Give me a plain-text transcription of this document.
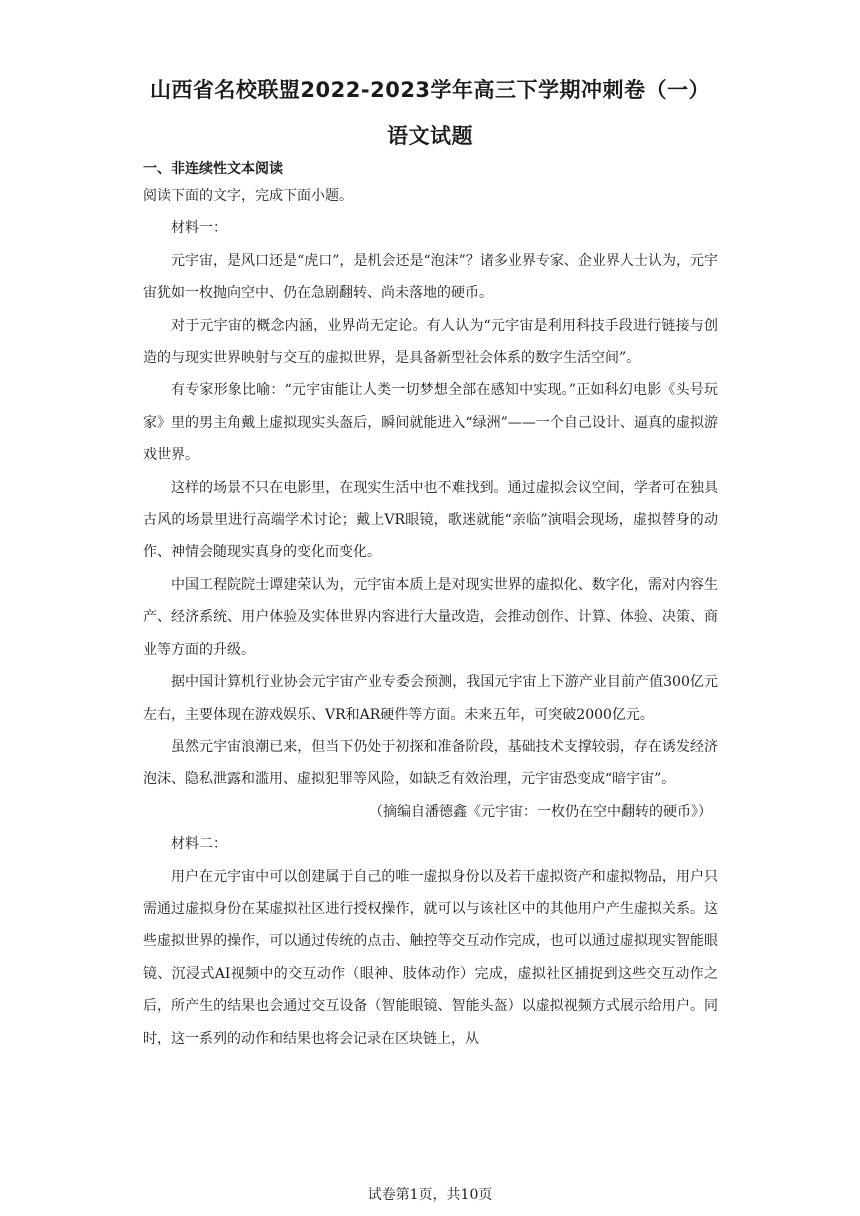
山西省名校联盟2022-2023学年高三下学期冲刺卷（一）
语文试题
一、非连续性文本阅读

阅读下面的文字，完成下面小题。

材料一：

元宇宙，是风口还是“虎口”，是机会还是“泡沫”？诸多业界专家、企业界人士认为，元宇宙犹如一枚抛向空中、仍在急剧翻转、尚未落地的硬币。

对于元宇宙的概念内涵，业界尚无定论。有人认为“元宇宙是利用科技手段进行链接与创造的与现实世界映射与交互的虚拟世界，是具备新型社会体系的数字生活空间”。

有专家形象比喻：“元宇宙能让人类一切梦想全部在感知中实现。”正如科幻电影《头号玩家》里的男主角戴上虚拟现实头盔后，瞬间就能进入“绿洲”——一个自己设计、逼真的虚拟游戏世界。

这样的场景不只在电影里，在现实生活中也不难找到。通过虚拟会议空间，学者可在独具古风的场景里进行高端学术讨论；戴上VR眼镜，歌迷就能“亲临”演唱会现场，虚拟替身的动作、神情会随现实真身的变化而变化。

中国工程院院士谭建荣认为，元宇宙本质上是对现实世界的虚拟化、数字化，需对内容生产、经济系统、用户体验及实体世界内容进行大量改造，会推动创作、计算、体验、决策、商业等方面的升级。

据中国计算机行业协会元宇宙产业专委会预测，我国元宇宙上下游产业目前产值300亿元左右，主要体现在游戏娱乐、VR和AR硬件等方面。未来五年，可突破2000亿元。

虽然元宇宙浪潮已来，但当下仍处于初探和准备阶段，基础技术支撑较弱，存在诱发经济泡沫、隐私泄露和滥用、虚拟犯罪等风险，如缺乏有效治理，元宇宙恐变成“暗宇宙”。

（摘编自潘德鑫《元宇宙：一枚仍在空中翻转的硬币》）

材料二：

用户在元宇宙中可以创建属于自己的唯一虚拟身份以及若干虚拟资产和虚拟物品，用户只需通过虚拟身份在某虚拟社区进行授权操作，就可以与该社区中的其他用户产生虚拟关系。这些虚拟世界的操作，可以通过传统的点击、触控等交互动作完成，也可以通过虚拟现实智能眼镜、沉浸式AI视频中的交互动作（眼神、肢体动作）完成，虚拟社区捕捉到这些交互动作之后，所产生的结果也会通过交互设备（智能眼镜、智能头盔）以虚拟视频方式展示给用户。同时，这一系列的动作和结果也将会记录在区块链上，从

试卷第1页，共10页
